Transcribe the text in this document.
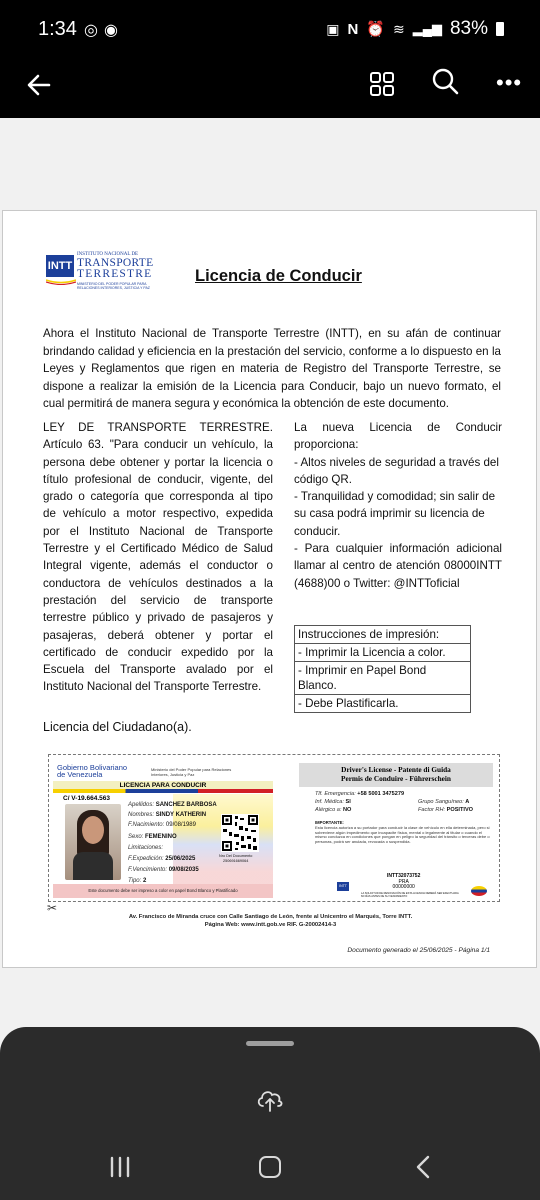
1:34 ◎◉	▣ N ⏰ ≋ ▂▄▆ 83%
•••
INTT
INSTITUTO NACIONAL DE
TRANSPORTE
TERRESTRE
MINISTERIO DEL PODER POPULAR PARA RELACIONES INTERIORES, JUSTICIA Y PAZ
Licencia de Conducir

Ahora el Instituto Nacional de Transporte Terrestre (INTT), en su afán de continuar brindando calidad y eficiencia en la prestación del servicio, conforme a lo dispuesto en la Leyes y Reglamentos que rigen en materia de Registro del Transporte Terrestre, se dispone a realizar la emisión de la Licencia para Conducir, bajo un nuevo formato, el cual permitirá de manera segura y económica la obtención de este documento.

LEY DE TRANSPORTE TERRESTRE. Artículo 63. "Para conducir un vehículo, la persona debe obtener y portar la licencia o título profesional de conducir, vigente, del grado o categoría que corresponda al tipo de vehículo a motor respectivo, expedida por el Instituto Nacional de Transporte Terrestre y el Certificado Médico de Salud Integral vigente, además el conductor o conductora de vehículos destinados a la prestación del servicio de transporte terrestre público y privado de pasajeros y pasajeras, deberá obtener y portar el certificado de conducir expedido por la Escuela del Transporte avalado por el Instituto Nacional del Transporte Terrestre.

La nueva Licencia de Conducir proporciona:

- Altos niveles de seguridad a través del código QR.

- Tranquilidad y comodidad; sin salir de su casa podrá imprimir su licencia de conducir.

- Para cualquier información adicional llamar al centro de atención 08000INTT (4688)00 o Twitter: @INTToficial

Instrucciones de impresión:
- Imprimir la Licencia a color.
- Imprimir en Papel Bond Blanco.
- Debe Plastificarla.
Licencia del Ciudadano(a).
Gobierno Bolivariano
de Venezuela
Ministerio del Poder Popular para Relaciones Interiores, Justicia y Paz
LICENCIA PARA CONDUCIR
C/ V-19.664.563
Apellidos: SANCHEZ BARBOSA
Nombres: SINDY KATHERIN
F.Nacimiento: 09/08/1989
Sexo: FEMENINO
Limitaciones:
F.Expedición: 25/06/2025
F.Vencimiento: 09/08/2035
Tipo: 2
Nro Del Documento
250691669064
Este documento debe ser impreso a color en papel Bond Blanco y Plastificado
Driver's License - Patente di Guida
Permis de Conduire - Führerschein
Tlf. Emergencia: +58 5001 3475279
Inf. Médica: SI
Alérgico a: NO
Grupo Sanguíneo: A
Factor RH: POSITIVO
IMPORTANTE:
Esta licencia autoriza a su portador para conducir la clase de vehículo en ella determinada, pero si sobreviene algún impedimento que incapacite física, mental o legalmente al titular o cuando el mismo conduzca en condiciones que pongan en peligro la seguridad del tránsito o terceras debe o personas, podrá ser anulada, revocada o suspendida.
INTT32073752
PRA
00000000
LA SOLICITUD DE RENOVACIÓN DE ESTA LICENCIA DEBERÁ SER EFECTUADA 60 DÍAS ANTES DE SU VENCIMIENTO
INTT
✂
Av. Francisco de Miranda cruce con Calle Santiago de León, frente al Unicentro el Marqués, Torre INTT.
Página Web: www.intt.gob.ve RIF. G-20002414-3
Documento generado el 25/06/2025 - Página 1/1
